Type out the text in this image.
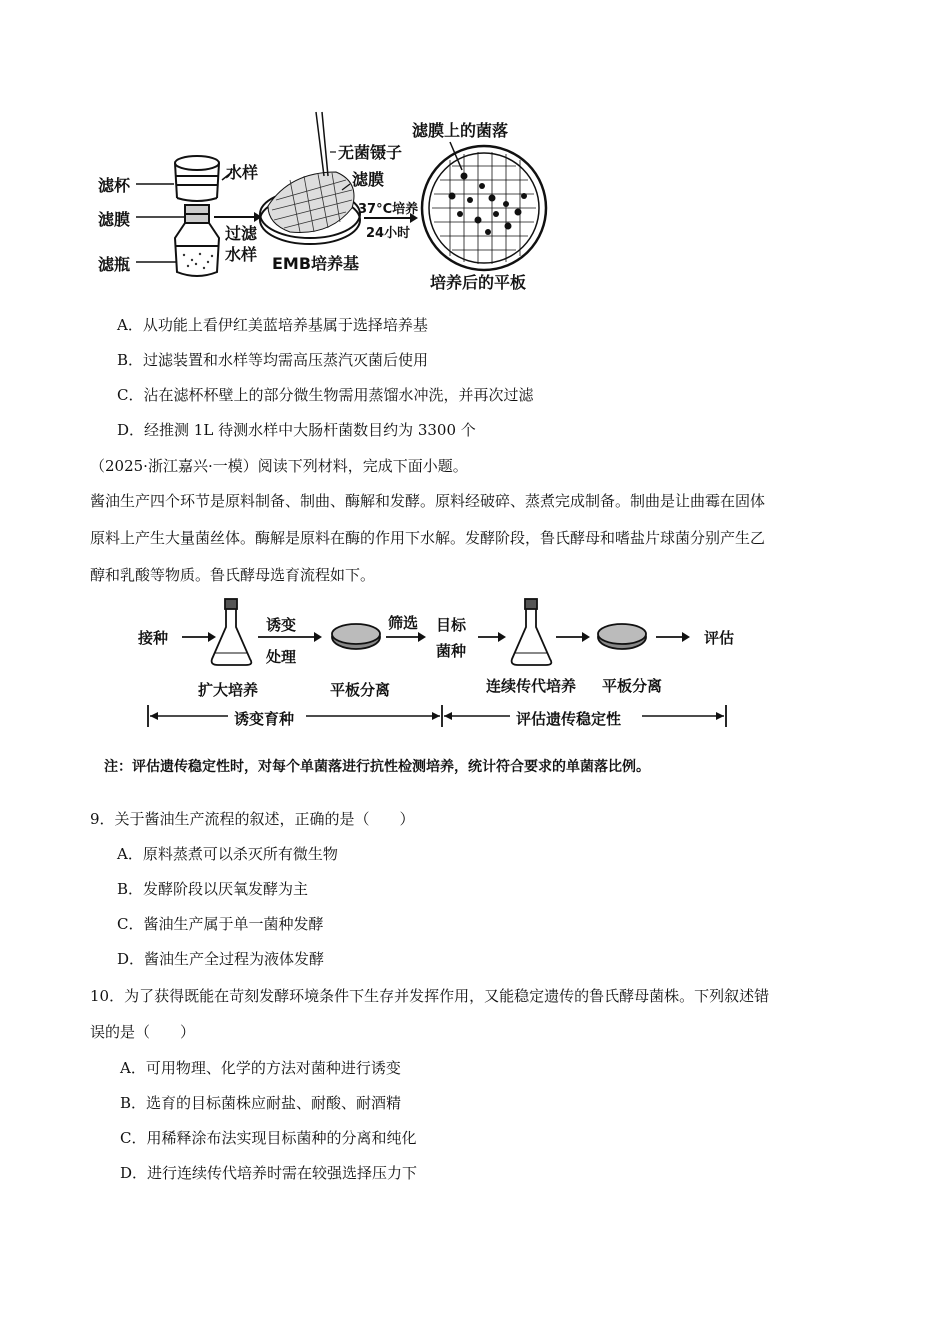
滤杯
滤膜
滤瓶
水样
过滤
水样
无菌镊子
滤膜
EMB培养基
37°C培养
24小时
滤膜上的菌落
培养后的平板
A．从功能上看伊红美蓝培养基属于选择培养基
B．过滤装置和水样等均需高压蒸汽灭菌后使用
C．沾在滤杯杯壁上的部分微生物需用蒸馏水冲洗，并再次过滤
D．经推测 1L 待测水样中大肠杆菌数目约为 3300 个
（2025·浙江嘉兴·一模）阅读下列材料，完成下面小题。
酱油生产四个环节是原料制备、制曲、酶解和发酵。原料经破碎、蒸煮完成制备。制曲是让曲霉在固体
原料上产生大量菌丝体。酶解是原料在酶的作用下水解。发酵阶段，鲁氏酵母和嗜盐片球菌分别产生乙
醇和乳酸等物质。鲁氏酵母选育流程如下。
接种
诱变
处理
筛选 目标
菌种
评估
扩大培养	平板分离	连续传代培养 平板分离
诱变育种	评估遗传稳定性
注：评估遗传稳定性时，对每个单菌落进行抗性检测培养，统计符合要求的单菌落比例。
9．关于酱油生产流程的叙述，正确的是（　　）
A．原料蒸煮可以杀灭所有微生物
B．发酵阶段以厌氧发酵为主
C．酱油生产属于单一菌种发酵
D．酱油生产全过程为液体发酵
10．为了获得既能在苛刻发酵环境条件下生存并发挥作用，又能稳定遗传的鲁氏酵母菌株。下列叙述错
误的是（　　）
A．可用物理、化学的方法对菌种进行诱变
B．选育的目标菌株应耐盐、耐酸、耐酒精
C．用稀释涂布法实现目标菌种的分离和纯化
D．进行连续传代培养时需在较强选择压力下
